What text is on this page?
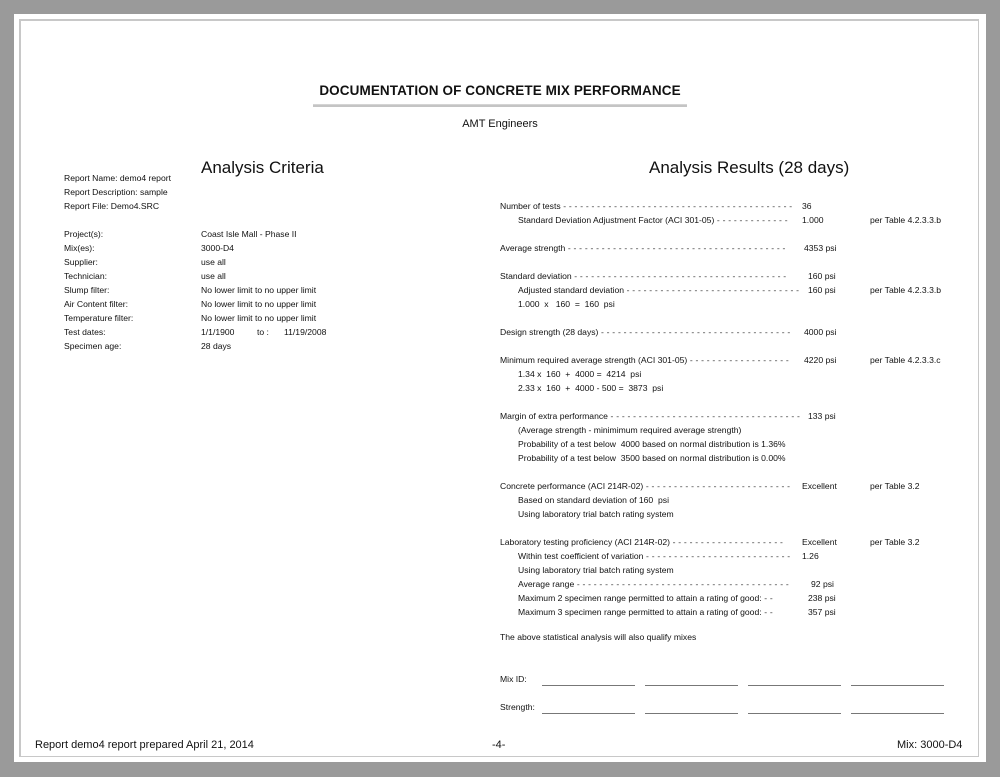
DOCUMENTATION OF CONCRETE MIX PERFORMANCE
AMT Engineers
Analysis Criteria
Report Name: demo4 report
Report Description: sample
Report File: Demo4.SRC
Project(s):	Coast Isle Mall - Phase II
Mix(es):	3000-D4
Supplier:	use all
Technician:	use all
Slump filter:	No lower limit to no upper limit
Air Content filter:	No lower limit to no upper limit
Temperature filter:	No lower limit to no upper limit
Test dates:	1/1/1900	to : 11/19/2008
Specimen age:	28 days
Analysis Results (28 days)
Number of tests - - - - - - - - - - - - - - - - - - - - - - - - - - - - - - - - - - - - - - - - - 36
Standard Deviation Adjustment Factor (ACI 301-05) - - - - - - - - - - - - - 1.000	per Table 4.2.3.3.b
Average strength - - - - - - - - - - - - - - - - - - - - - - - - - - - - - - - - - - - - - - - 4353 psi
Standard deviation - - - - - - - - - - - - - - - - - - - - - - - - - - - - - - - - - - - - - -	160 psi
Adjusted standard deviation - - - - - - - - - - - - - - - - - - - - - - - - - - - - - - - 160 psi	per Table 4.2.3.3.b
1.000  x   160  =  160  psi
Design strength (28 days) - - - - - - - - - - - - - - - - - - - - - - - - - - - - - - - - - - 4000 psi
Minimum required average strength (ACI 301-05) - - - - - - - - - - - - - - - - - - 4220 psi	per Table 4.2.3.3.c
1.34 x  160  +  4000 =  4214  psi
2.33 x  160  +  4000 - 500 =  3873  psi
Margin of extra performance - - - - - - - - - - - - - - - - - - - - - - - - - - - - - - - - - - 133 psi
(Average strength - minimimum required average strength)
Probability of a test below  4000 based on normal distribution is 1.36%
Probability of a test below  3500 based on normal distribution is 0.00%
Concrete performance (ACI 214R-02) - - - - - - - - - - - - - - - - - - - - - - - - - - Excellent	per Table 3.2
Based on standard deviation of 160  psi
Using laboratory trial batch rating system
Laboratory testing proficiency (ACI 214R-02) - - - - - - - - - - - - - - - - - - - - Excellent	per Table 3.2
Within test coefficient of variation - - - - - - - - - - - - - - - - - - - - - - - - - - 1.26
Using laboratory trial batch rating system
Average range - - - - - - - - - - - - - - - - - - - - - - - - - - - - - - - - - - - - - -	92 psi
Maximum 2 specimen range permitted to attain a rating of good: - -	238 psi
Maximum 3 specimen range permitted to attain a rating of good: - -	357 psi
The above statistical analysis will also qualify mixes
Mix ID:
Strength:
Report demo4 report prepared April 21, 2014	-4-	Mix: 3000-D4
